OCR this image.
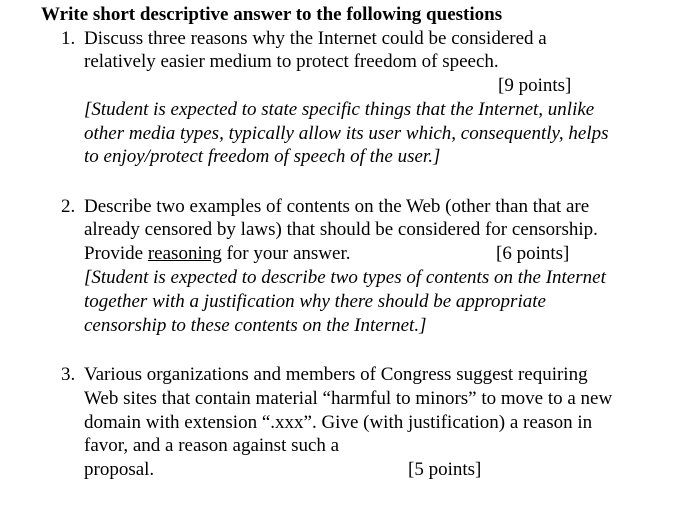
Write short descriptive answer to the following questions
1. Discuss three reasons why the Internet could be considered a
relatively easier medium to protect freedom of speech.
[9 points]
[Student is expected to state specific things that the Internet, unlike
other media types, typically allow its user which, consequently, helps
to enjoy/protect freedom of speech of the user.]
2. Describe two examples of contents on the Web (other than that are
already censored by laws) that should be considered for censorship.
Provide reasoning for your answer.	[6 points]
[Student is expected to describe two types of contents on the Internet
together with a justification why there should be appropriate
censorship to these contents on the Internet.]
3. Various organizations and members of Congress suggest requiring
Web sites that contain material “harmful to minors” to move to a new
domain with extension “.xxx”. Give (with justification) a reason in
favor, and a reason against such a
proposal.	[5 points]
